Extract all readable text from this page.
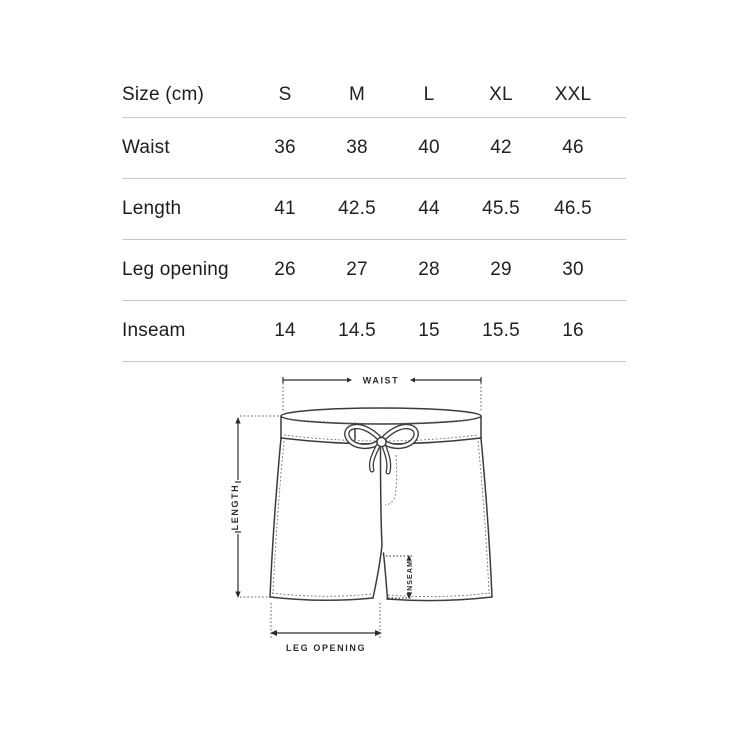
Size (cm)	S	M	L	XL	XXL
Waist	36	38	40	42	46
Length	41	42.5	44	45.5	46.5
Leg opening	26	27	28	29	30
Inseam	14	14.5	15	15.5	16
WAIST
LENGTH
INSEAM
LEG OPENING
